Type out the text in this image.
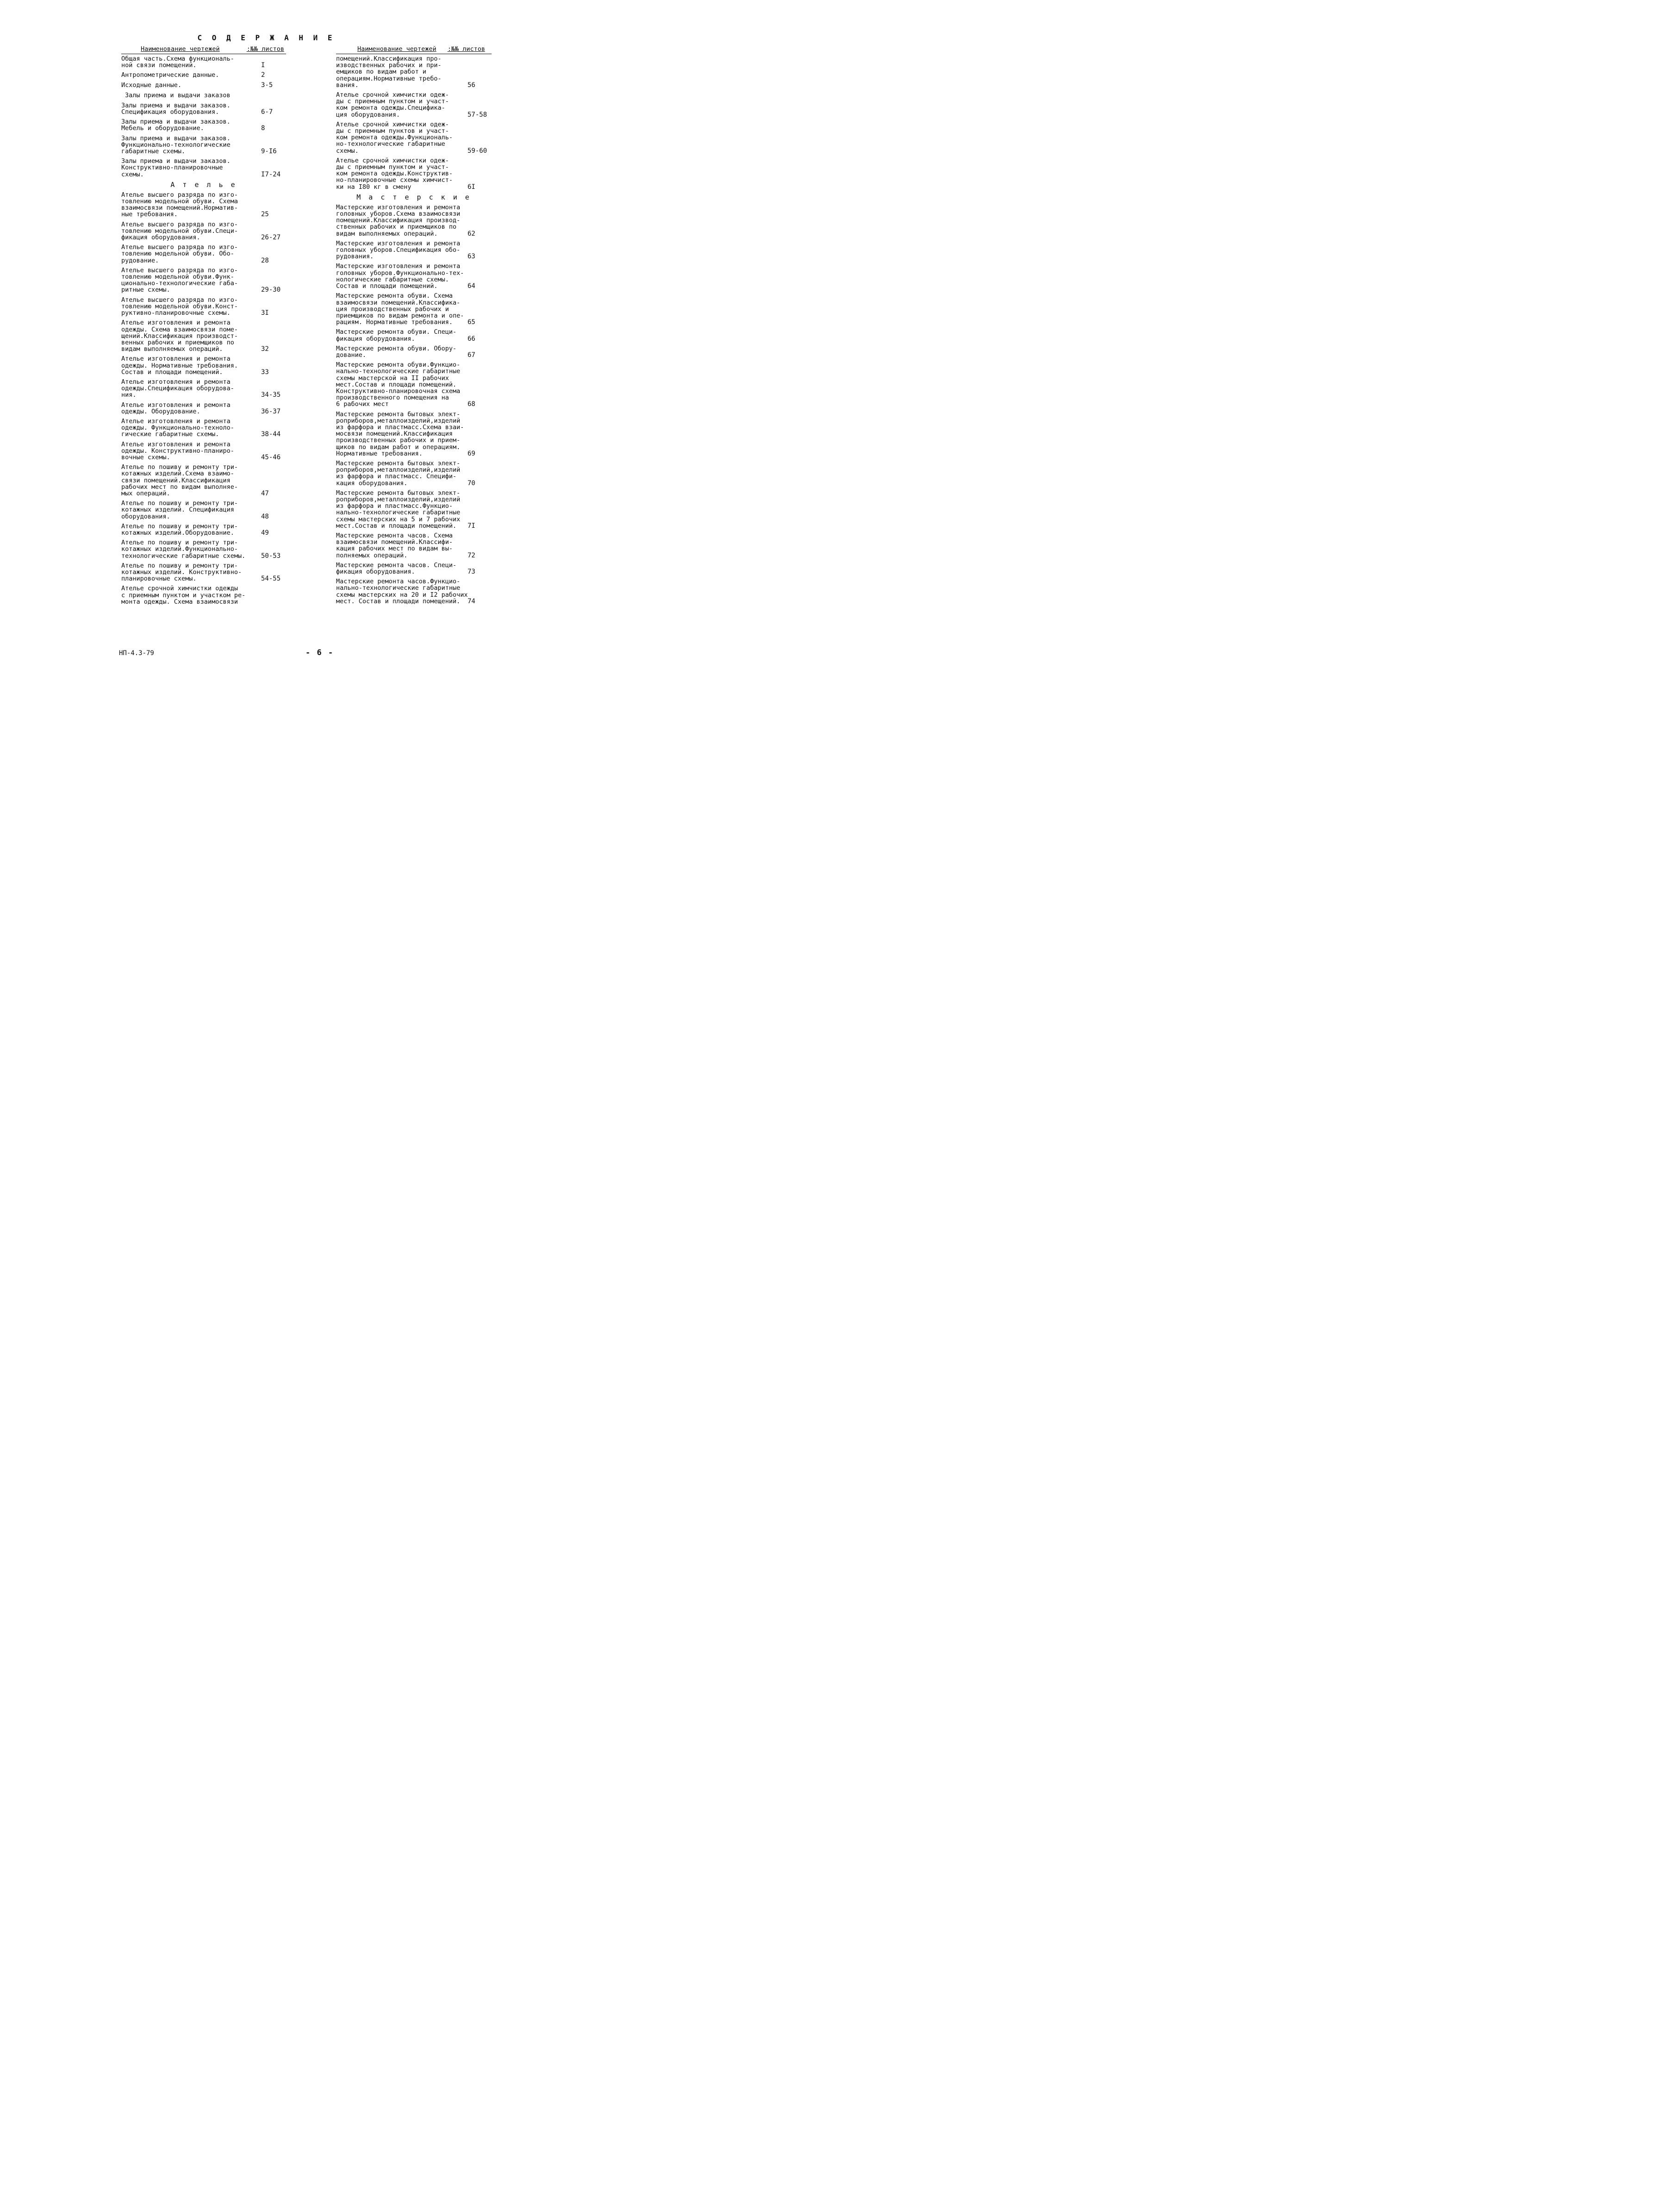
С О Д Е Р Ж А Н И Е
Наименование чертежей	:№№ листов
Общая часть.Схема функциональ-
ной связи помещений.	I
Антропометрические данные.	2
Исходные данные.	3-5
Залы приема и выдачи заказов
Залы приема и выдачи заказов.
Спецификация оборудования.	6-7
Залы приема и выдачи заказов.
Мебель и оборудование.	8
Залы приема и выдачи заказов.
Функционально-технологические
габаритные схемы.	9-I6
Залы приема и выдачи заказов.
Конструктивно-планировочные
схемы.	I7-24
А т е л ь е
Ателье высшего разряда по изго-
товлению модельной обуви. Схема
взаимосвязи помещений.Норматив-
ные требования.	25
Ателье высшего разряда по изго-
товлению модельной обуви.Специ-
фикация оборудования.	26-27
Ателье высшего разряда по изго-
товлению модельной обуви. Обо-
рудование.	28
Ателье высшего разряда по изго-
товлению модельной обуви.Функ-
ционально-технологические габа-
ритные схемы.	29-30
Ателье высшего разряда по изго-
товлению модельной обуви.Конст-
руктивно-планировочные схемы.	3I
Ателье изготовления и ремонта
одежды. Схема взаимосвязи поме-
щений.Классификация производст-
венных рабочих и приемщиков по
видам выполняемых операций.	32
Ателье изготовления и ремонта
одежды. Нормативные требования.
Состав и площади помещений.	33
Ателье изготовления и ремонта
одежды.Спецификация оборудова-
ния.	34-35
Ателье изготовления и ремонта
одежды. Оборудование.	36-37
Ателье изготовления и ремонта
одежды. Функционально-техноло-
гические габаритные схемы.	38-44
Ателье изготовления и ремонта
одежды. Конструктивно-планиро-
вочные схемы.	45-46
Ателье по пошиву и ремонту три-
котажных изделий.Схема взаимо-
связи помещений.Классификация
рабочих мест по видам выполняе-
мых операций.	47
Ателье по пошиву и ремонту три-
котажных изделий. Спецификация
оборудования.	48
Ателье по пошиву и ремонту три-
котажных изделий.Оборудование.	49
Ателье по пошиву и ремонту три-
котажных изделий.Функционально-
технологические габаритные схемы.	50-53
Ателье по пошиву и ремонту три-
котажных изделий. Конструктивно-
планировочные схемы.	54-55
Ателье срочной химчистки одежды
с приемным пунктом и участком ре-
монта одежды. Схема взаимосвязи
Наименование чертежей :№№ листов
помещений.Классификация про-
изводственных рабочих и при-
емщиков по видам работ и
операциям.Нормативные требо-
вания.	56
Ателье срочной химчистки одеж-
ды с приемным пунктом и участ-
ком ремонта одежды.Специфика-
ция оборудования.	57-58
Ателье срочной химчистки одеж-
ды с приемным пунктов и участ-
ком ремонта одежды.Функциональ-
но-технологические габаритные
схемы.	59-60
Ателье срочной химчистки одеж-
ды с приемным пунктом и участ-
ком ремонта одежды.Конструктив-
но-планировочные схемы химчист-
ки на I80 кг в смену	6I
М а с т е р с к и е
Мастерские изготовления и ремонта
головных уборов.Схема взаимосвязи
помещений.Классификация производ-
ственных рабочих и приемщиков по
видам выполняемых операций.	62
Мастерские изготовления и ремонта
головных уборов.Спецификация обо-
рудования.	63
Мастерские изготовления и ремонта
головных уборов.Функционально-тех-
нологические габаритные схемы.
Состав и площади помещений.	64
Мастерские ремонта обуви. Схема
взаимосвязи помещений.Классифика-
ция производственных рабочих и
приемщиков по видам ремонта и опе-
рациям. Нормативные требования.	65
Мастерские ремонта обуви. Специ-
фикация оборудования.	66
Мастерские ремонта обуви. Обору-
дование.	67
Мастерские ремонта обуви.Функцио-
нально-технологические габаритные
схемы мастерской на II рабочих
мест.Состав и площади помещений.
Конструктивно-планировочная схема
производственного помещения на
6 рабочих мест	68
Мастерские ремонта бытовых элект-
роприборов,металлоизделий,изделий
из фарфора и пластмасс.Схема взаи-
мосвязи помещений.Классификация
производственных рабочих и прием-
щиков по видам работ и операциям.
Нормативные требования.	69
Мастерские ремонта бытовых элект-
роприборов,металлоизделий,изделий
из фарфора и пластмасс. Специфи-
кация оборудования.	70
Мастерские ремонта бытовых элект-
роприборов,металлоизделий,изделий
из фарфора и пластмасс.Функцио-
нально-технологические габаритные
схемы мастерских на 5 и 7 рабочих
мест.Состав и площади помещений.	7I
Мастерские ремонта часов. Схема
взаимосвязи помещений.Классифи-
кация рабочих мест по видам вы-
полняемых операций.	72
Мастерские ремонта часов. Специ-
фикация оборудования.	73
Мастерские ремонта часов.Функцио-
нально-технологические габаритные
схемы мастерских на 20 и I2 рабочих
мест. Состав и площади помещений.	74
НП-4.3-79	- 6 -
